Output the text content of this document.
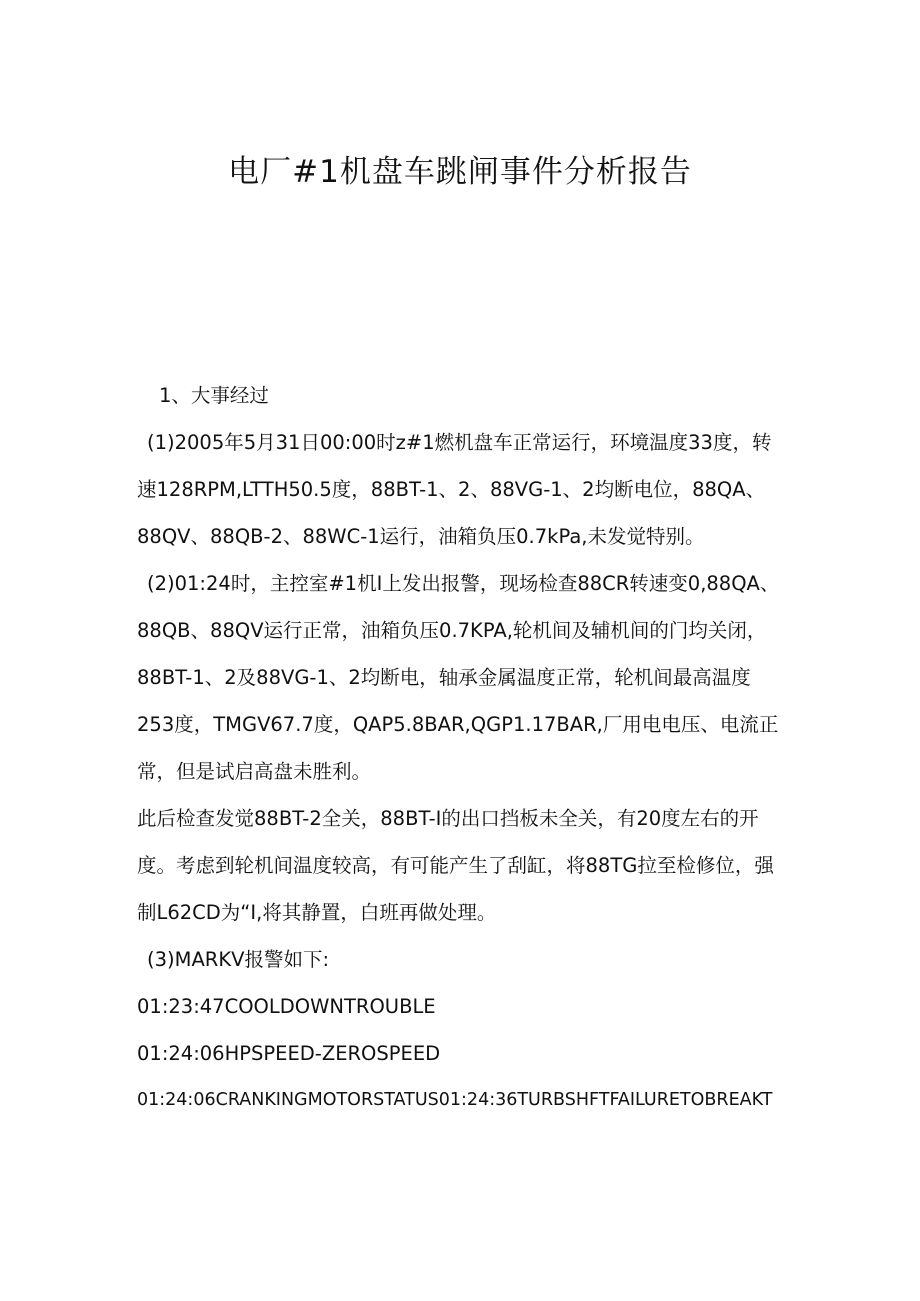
电厂#1机盘车跳闸事件分析报告

1、大事经过

(1)2005年5月31日00:00时z#1燃机盘车正常运行，环境温度33度，转速128RPM,LTTH50.5度，88BT-1、2、88VG-1、2均断电位，88QA、88QV、88QB-2、88WC-1运行，油箱负压0.7kPa,未发觉特别。

(2)01:24时，主控室#1机I上发出报警，现场检查88CR转速变0,88QA、88QB、88QV运行正常，油箱负压0.7KPA,轮机间及辅机间的门均关闭，88BT-1、2及88VG-1、2均断电，轴承金属温度正常，轮机间最高温度253度，TMGV67.7度，QAP5.8BAR,QGP1.17BAR,厂用电电压、电流正常，但是试启高盘未胜利。

此后检查发觉88BT-2全关，88BT-I的出口挡板未全关，有20度左右的开度。考虑到轮机间温度较高，有可能产生了刮缸，将88TG拉至检修位，强制L62CD为“I,将其静置，白班再做处理。

(3)MARKV报警如下:

01:23:47COOLDOWNTROUBLE

01:24:06HPSPEED-ZEROSPEED

01:24:06CRANKINGMOTORSTATUS01:24:36TURBSHFTFAILURETOBREAKT
